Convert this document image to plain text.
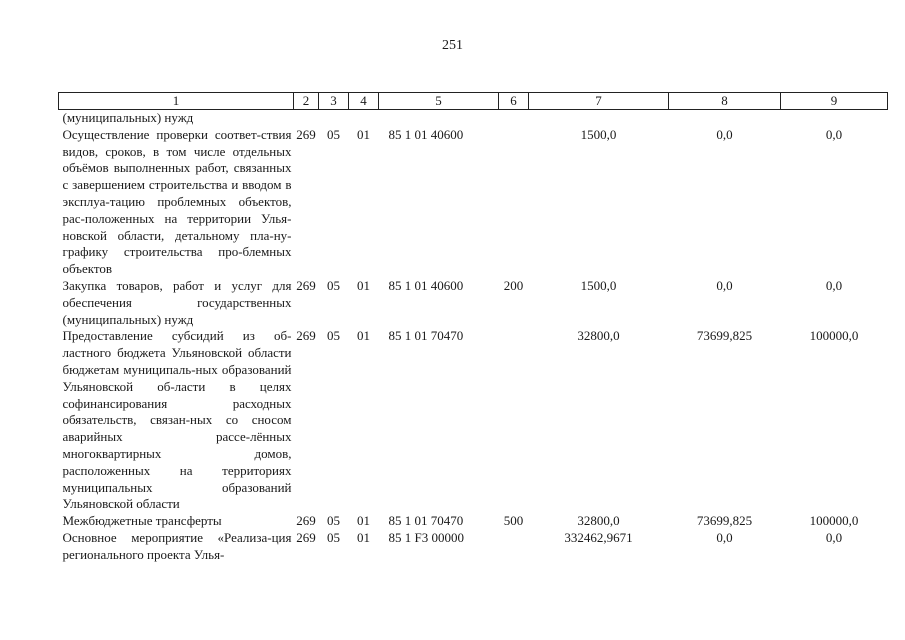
251
1	2	3	4	5	6	7	8	9
(муниципальных) нужд								
Осуществление проверки соответ-ствия видов, сроков, в том числе отдельных объёмов выполненных работ, связанных с завершением строительства и вводом в эксплуа-тацию проблемных объектов, рас-положенных на территории Улья-новской области, детальному пла-ну-графику строительства про-блемных объектов	269	05	01	85 1 01 40600		1500,0	0,0	0,0
Закупка товаров, работ и услуг для обеспечения государственных (муниципальных) нужд	269	05	01	85 1 01 40600	200	1500,0	0,0	0,0
Предоставление субсидий из об-ластного бюджета Ульяновской области бюджетам муниципаль-ных образований Ульяновской об-ласти в целях софинансирования расходных обязательств, связан-ных со сносом аварийных рассе-лённых многоквартирных домов, расположенных на территориях муниципальных образований Ульяновской области	269	05	01	85 1 01 70470		32800,0	73699,825	100000,0
Межбюджетные трансферты	269	05	01	85 1 01 70470	500	32800,0	73699,825	100000,0
Основное мероприятие «Реализа-ция регионального проекта Улья-	269	05	01	85 1 F3 00000		332462,9671	0,0	0,0
